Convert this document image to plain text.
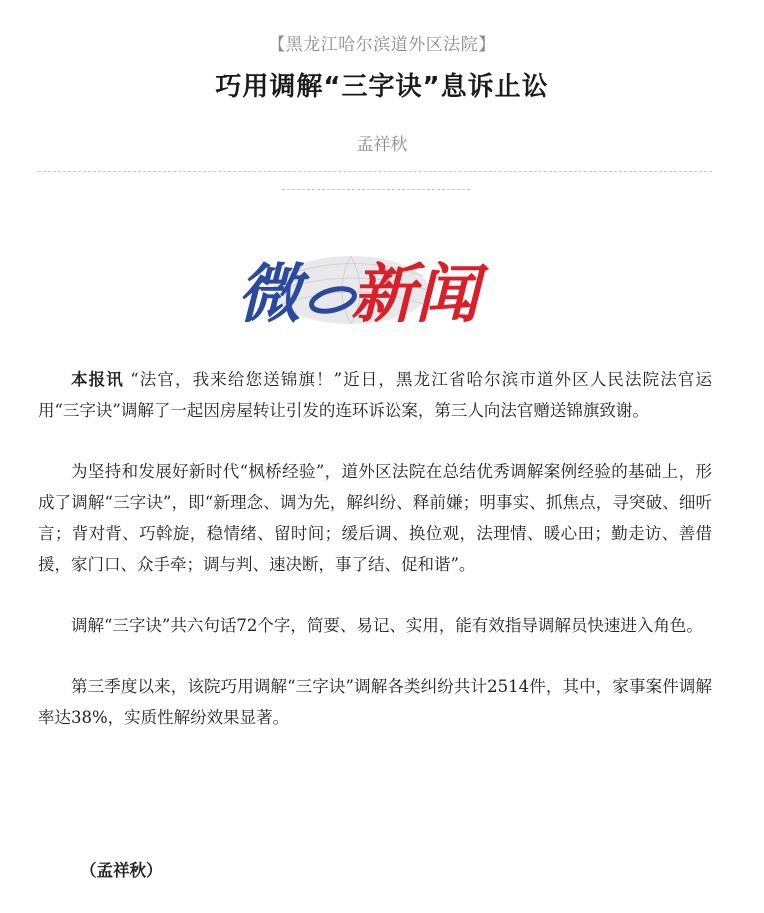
【黑龙江哈尔滨道外区法院】
巧用调解“三字诀”息诉止讼
孟祥秋
微 新闻

本报讯 “法官，我来给您送锦旗！”近日，黑龙江省哈尔滨市道外区人民法院法官运用“三字诀”调解了一起因房屋转让引发的连环诉讼案，第三人向法官赠送锦旗致谢。

为坚持和发展好新时代“枫桥经验”，道外区法院在总结优秀调解案例经验的基础上，形成了调解“三字诀”，即“新理念、调为先，解纠纷、释前嫌；明事实、抓焦点，寻突破、细听言；背对背、巧斡旋，稳情绪、留时间；缓后调、换位观，法理情、暖心田；勤走访、善借援，家门口、众手牵；调与判、速决断，事了结、促和谐”。

调解“三字诀”共六句话72个字，简要、易记、实用，能有效指导调解员快速进入角色。

第三季度以来，该院巧用调解“三字诀”调解各类纠纷共计2514件，其中，家事案件调解率达38%，实质性解纷效果显著。

（孟祥秋）
